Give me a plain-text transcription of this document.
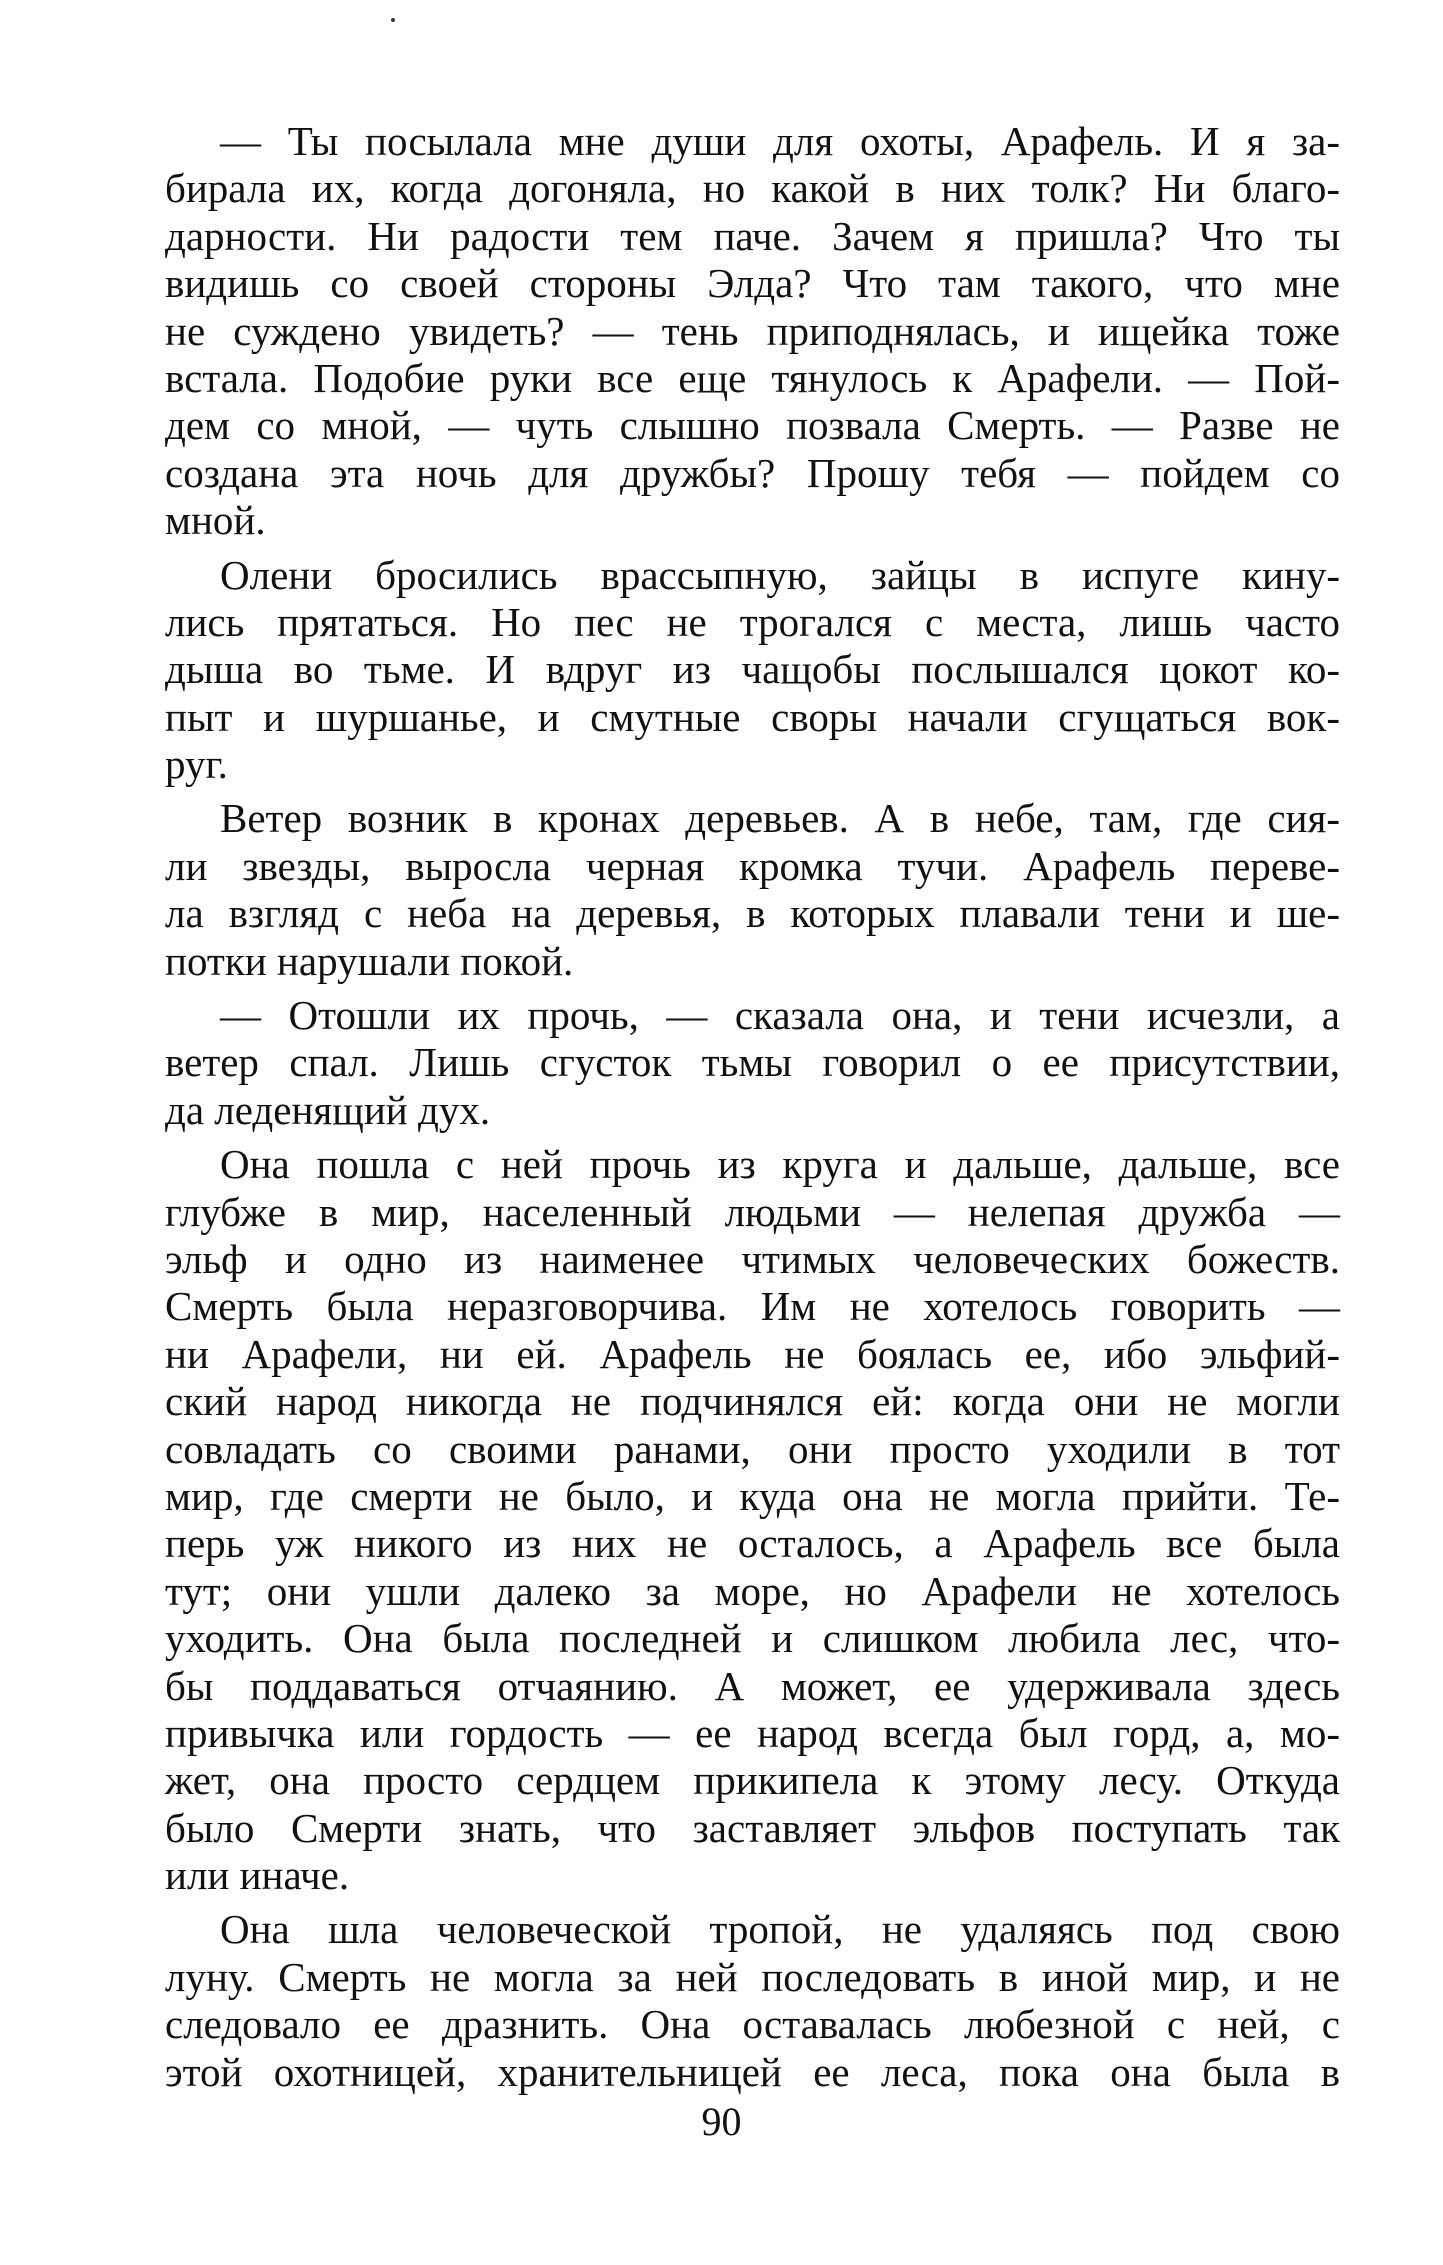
— Ты посылала мне души для охоты, Арафель. И я за-
бирала их, когда догоняла, но какой в них толк? Ни благо-
дарности. Ни радости тем паче. Зачем я пришла? Что ты
видишь со своей стороны Элда? Что там такого, что мне
не суждено увидеть? — тень приподнялась, и ищейка тоже
встала. Подобие руки все еще тянулось к Арафели. — Пой-
дем со мной, — чуть слышно позвала Смерть. — Разве не
создана эта ночь для дружбы? Прошу тебя — пойдем со
мной.
Олени бросились врассыпную, зайцы в испуге кину-
лись прятаться. Но пес не трогался с места, лишь часто
дыша во тьме. И вдруг из чащобы послышался цокот ко-
пыт и шуршанье, и смутные своры начали сгущаться вок-
руг.
Ветер возник в кронах деревьев. А в небе, там, где сия-
ли звезды, выросла черная кромка тучи. Арафель переве-
ла взгляд с неба на деревья, в которых плавали тени и ше-
потки нарушали покой.
— Отошли их прочь, — сказала она, и тени исчезли, а
ветер спал. Лишь сгусток тьмы говорил о ее присутствии,
да леденящий дух.
Она пошла с ней прочь из круга и дальше, дальше, все
глубже в мир, населенный людьми — нелепая дружба —
эльф и одно из наименее чтимых человеческих божеств.
Смерть была неразговорчива. Им не хотелось говорить —
ни Арафели, ни ей. Арафель не боялась ее, ибо эльфий-
ский народ никогда не подчинялся ей: когда они не могли
совладать со своими ранами, они просто уходили в тот
мир, где смерти не было, и куда она не могла прийти. Те-
перь уж никого из них не осталось, а Арафель все была
тут; они ушли далеко за море, но Арафели не хотелось
уходить. Она была последней и слишком любила лес, что-
бы поддаваться отчаянию. А может, ее удерживала здесь
привычка или гордость — ее народ всегда был горд, а, мо-
жет, она просто сердцем прикипела к этому лесу. Откуда
было Смерти знать, что заставляет эльфов поступать так
или иначе.
Она шла человеческой тропой, не удаляясь под свою
луну. Смерть не могла за ней последовать в иной мир, и не
следовало ее дразнить. Она оставалась любезной с ней, с
этой охотницей, хранительницей ее леса, пока она была в
90
